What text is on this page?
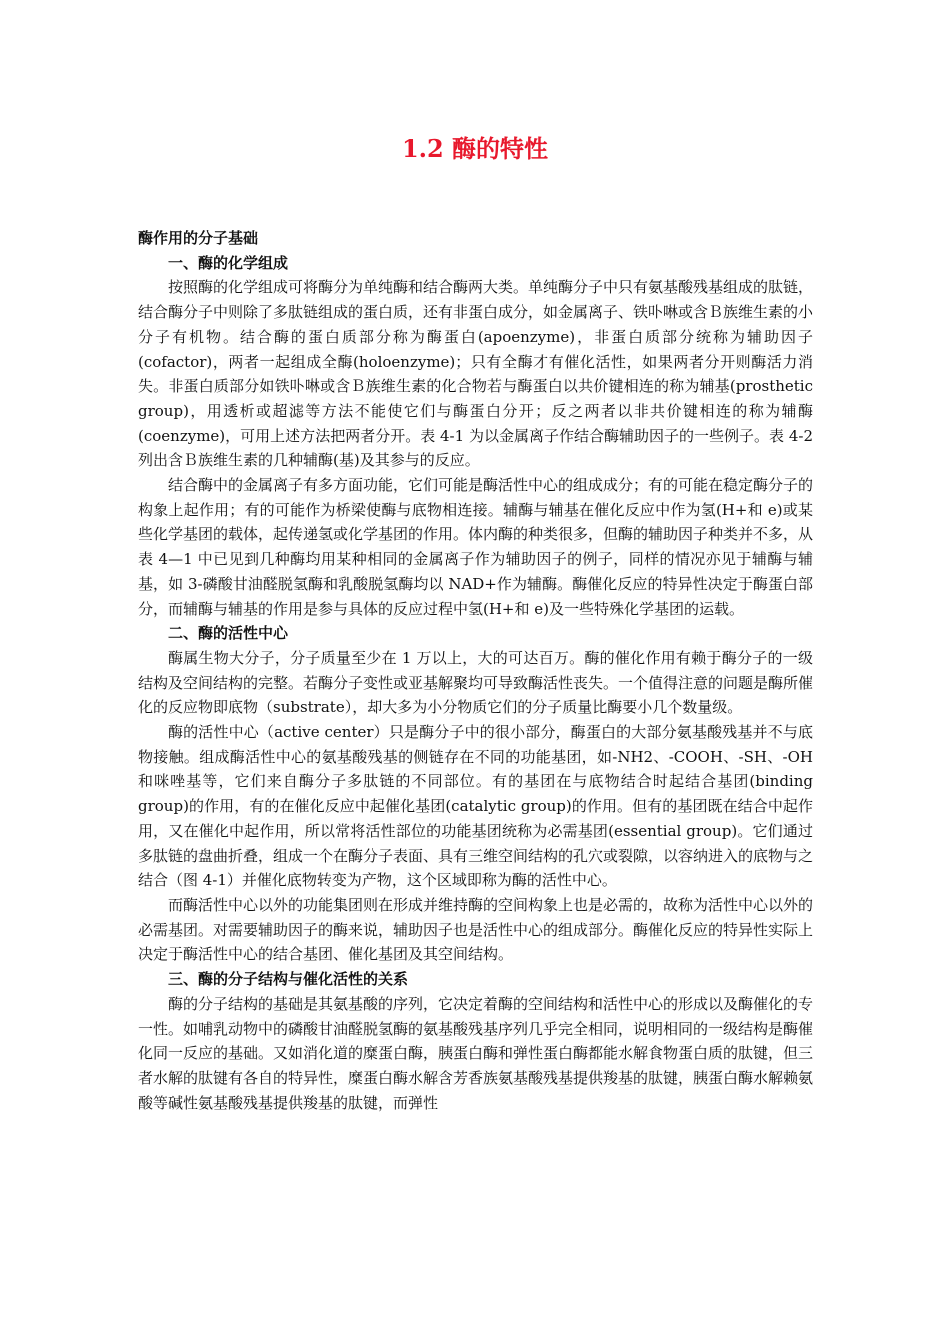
1.2 酶的特性

酶作用的分子基础

一、酶的化学组成

按照酶的化学组成可将酶分为单纯酶和结合酶两大类。单纯酶分子中只有氨基酸残基组成的肽链，结合酶分子中则除了多肽链组成的蛋白质，还有非蛋白成分，如金属离子、铁卟啉或含Ｂ族维生素的小分子有机物。结合酶的蛋白质部分称为酶蛋白(apoenzyme)，非蛋白质部分统称为辅助因子 (cofactor)，两者一起组成全酶(holoenzyme)；只有全酶才有催化活性，如果两者分开则酶活力消失。非蛋白质部分如铁卟啉或含Ｂ族维生素的化合物若与酶蛋白以共价键相连的称为辅基(prosthetic group)，用透析或超滤等方法不能使它们与酶蛋白分开；反之两者以非共价键相连的称为辅酶(coenzyme)，可用上述方法把两者分开。表 4-1 为以金属离子作结合酶辅助因子的一些例子。表 4-2 列出含Ｂ族维生素的几种辅酶(基)及其参与的反应。

结合酶中的金属离子有多方面功能，它们可能是酶活性中心的组成成分；有的可能在稳定酶分子的构象上起作用；有的可能作为桥梁使酶与底物相连接。辅酶与辅基在催化反应中作为氢(H+和 e)或某些化学基团的载体，起传递氢或化学基团的作用。体内酶的种类很多，但酶的辅助因子种类并不多，从表 4—1 中已见到几种酶均用某种相同的金属离子作为辅助因子的例子，同样的情况亦见于辅酶与辅基，如 3-磷酸甘油醛脱氢酶和乳酸脱氢酶均以 NAD+作为辅酶。酶催化反应的特异性决定于酶蛋白部分，而辅酶与辅基的作用是参与具体的反应过程中氢(H+和 e)及一些特殊化学基团的运载。

二、酶的活性中心

酶属生物大分子，分子质量至少在 1 万以上，大的可达百万。酶的催化作用有赖于酶分子的一级结构及空间结构的完整。若酶分子变性或亚基解聚均可导致酶活性丧失。一个值得注意的问题是酶所催化的反应物即底物（substrate），却大多为小分物质它们的分子质量比酶要小几个数量级。

酶的活性中心（active center）只是酶分子中的很小部分，酶蛋白的大部分氨基酸残基并不与底物接触。组成酶活性中心的氨基酸残基的侧链存在不同的功能基团，如-NH2、-COOH、-SH、-OH 和咪唑基等，它们来自酶分子多肽链的不同部位。有的基团在与底物结合时起结合基团(binding group)的作用，有的在催化反应中起催化基团(catalytic group)的作用。但有的基团既在结合中起作用，又在催化中起作用，所以常将活性部位的功能基团统称为必需基团(essential group)。它们通过多肽链的盘曲折叠，组成一个在酶分子表面、具有三维空间结构的孔穴或裂隙，以容纳进入的底物与之结合（图 4-1）并催化底物转变为产物，这个区域即称为酶的活性中心。

而酶活性中心以外的功能集团则在形成并维持酶的空间构象上也是必需的，故称为活性中心以外的必需基团。对需要辅助因子的酶来说，辅助因子也是活性中心的组成部分。酶催化反应的特异性实际上决定于酶活性中心的结合基团、催化基团及其空间结构。

三、酶的分子结构与催化活性的关系

酶的分子结构的基础是其氨基酸的序列，它决定着酶的空间结构和活性中心的形成以及酶催化的专一性。如哺乳动物中的磷酸甘油醛脱氢酶的氨基酸残基序列几乎完全相同，说明相同的一级结构是酶催化同一反应的基础。又如消化道的糜蛋白酶，胰蛋白酶和弹性蛋白酶都能水解食物蛋白质的肽键，但三者水解的肽键有各自的特异性，糜蛋白酶水解含芳香族氨基酸残基提供羧基的肽键，胰蛋白酶水解赖氨酸等碱性氨基酸残基提供羧基的肽键，而弹性
